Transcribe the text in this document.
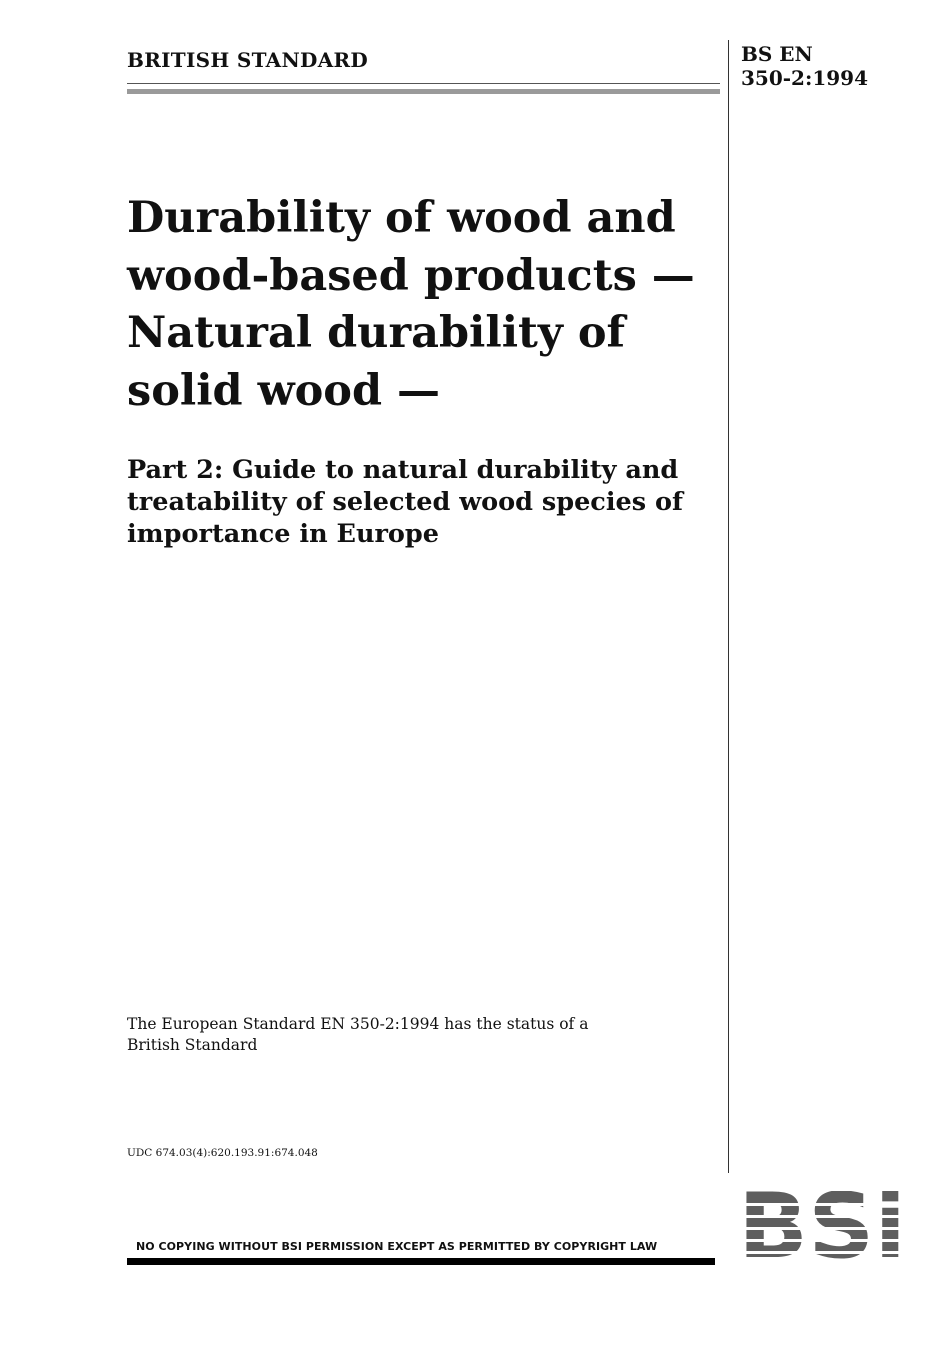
BRITISH STANDARD	BS EN
350-2:1994
Durability of wood and
wood-based products —
Natural durability of
solid wood —
Part 2: Guide to natural durability and
treatability of selected wood species of
importance in Europe
The European Standard EN 350-2:1994 has the status of a
British Standard
UDC 674.03(4):620.193.91:674.048
NO COPYING WITHOUT BSI PERMISSION EXCEPT AS PERMITTED BY COPYRIGHT LAW
